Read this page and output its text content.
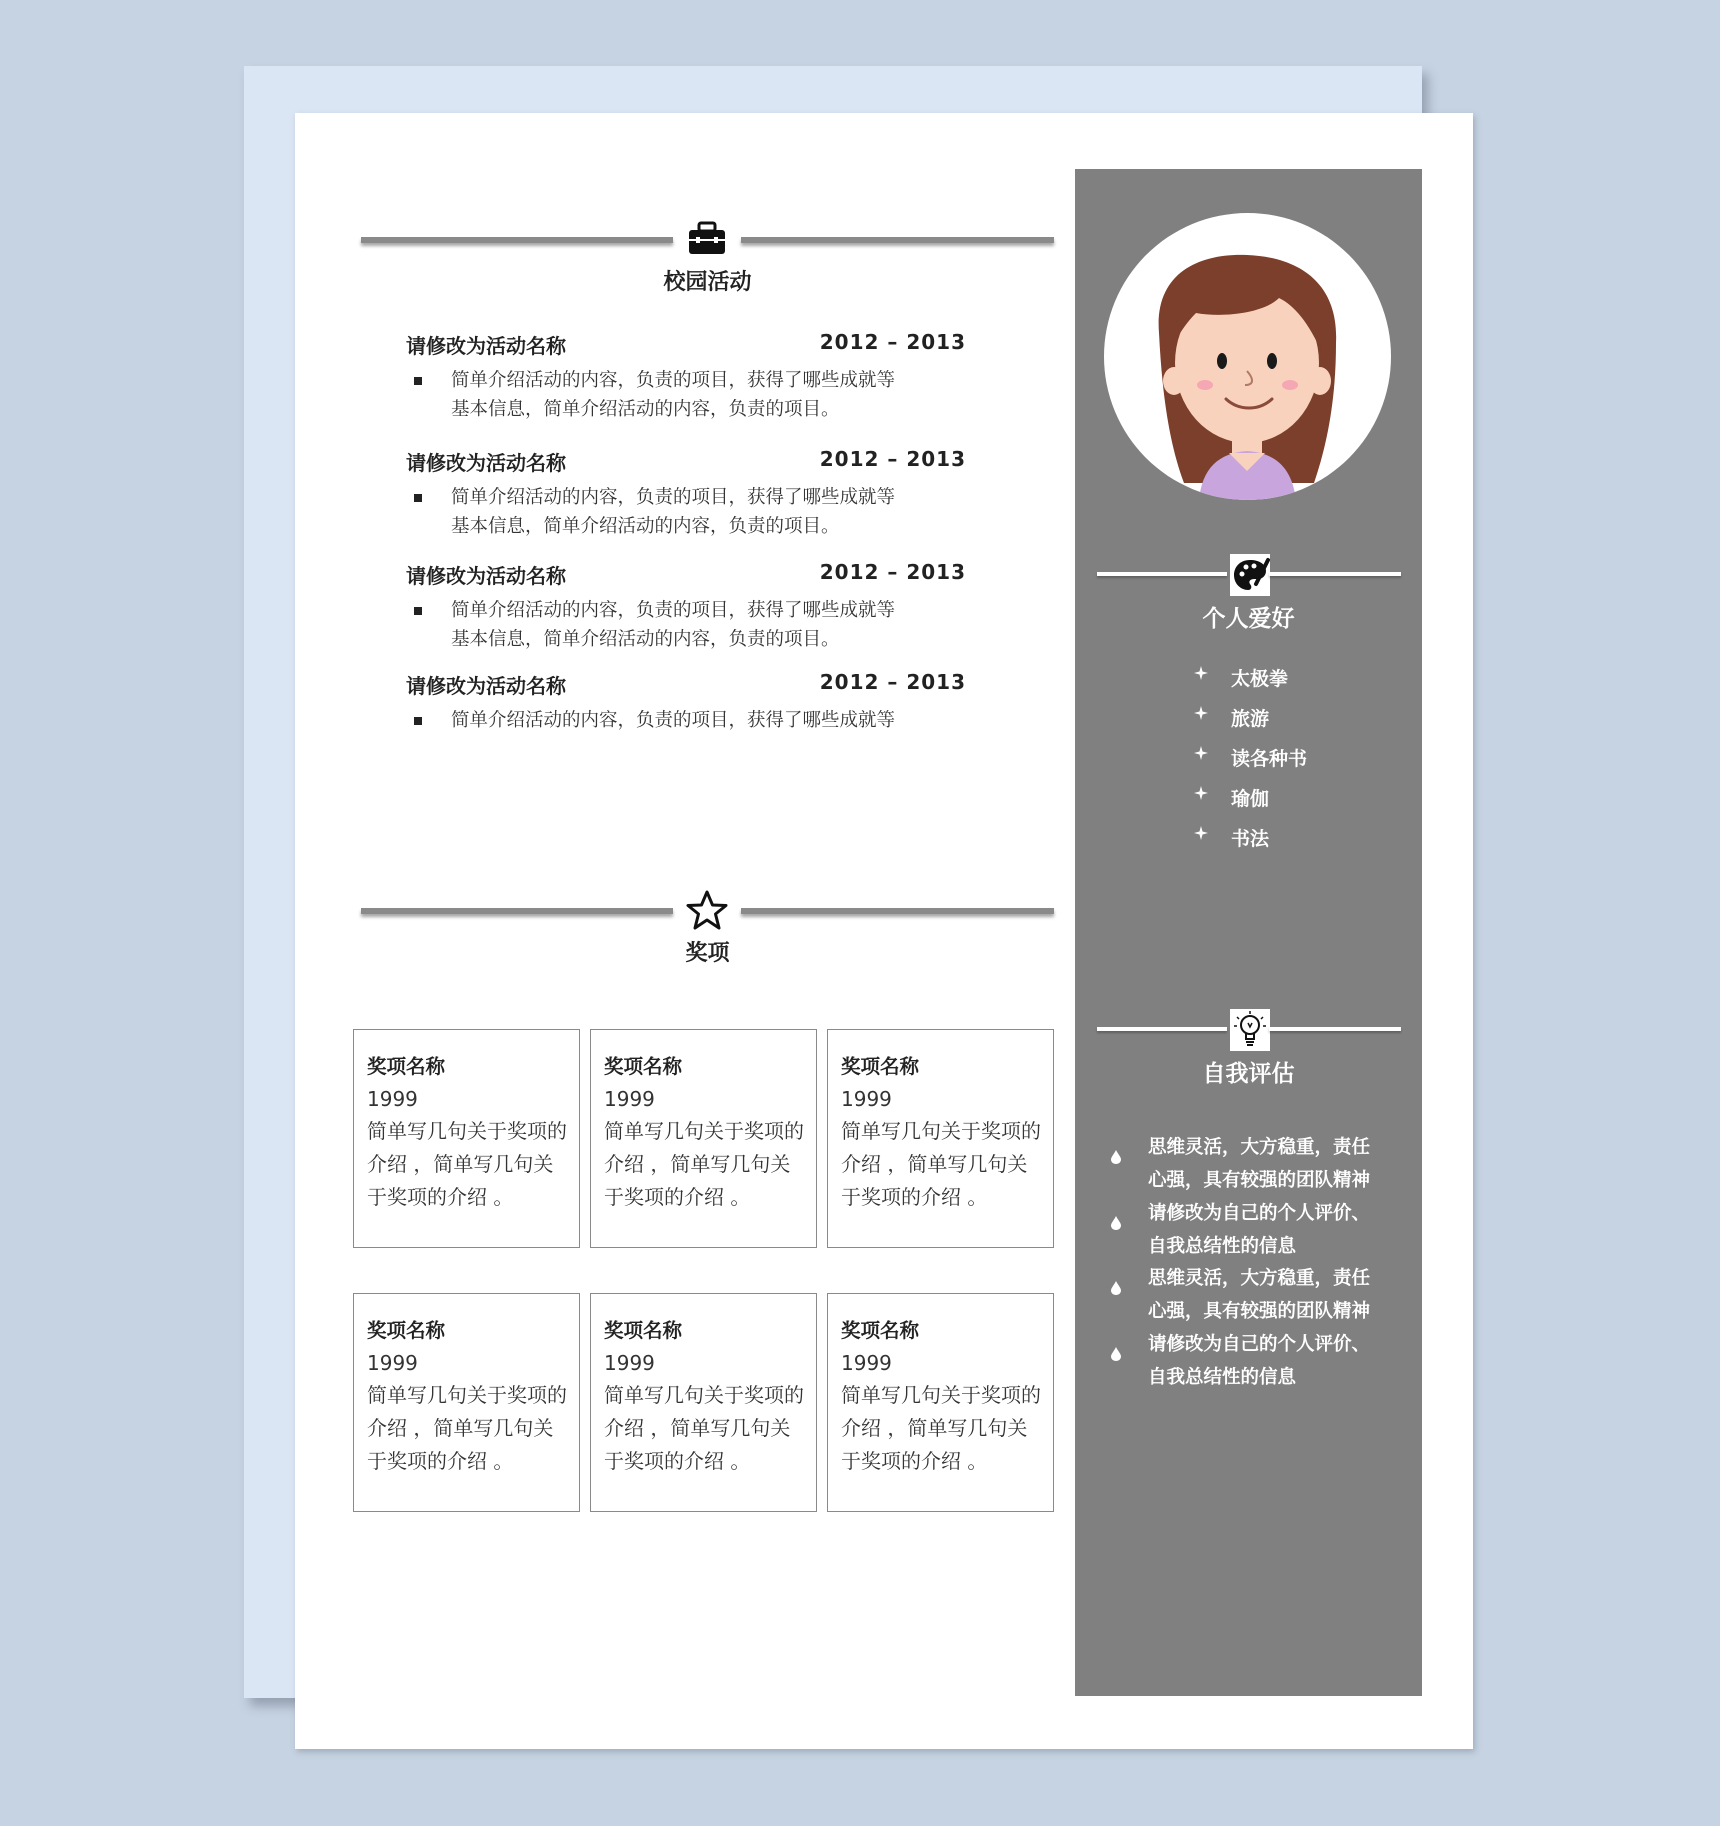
校园活动
请修改为活动名称	2012 – 2013
简单介绍活动的内容，负责的项目，获得了哪些成就等
基本信息，简单介绍活动的内容，负责的项目。
请修改为活动名称	2012 – 2013
简单介绍活动的内容，负责的项目，获得了哪些成就等
基本信息，简单介绍活动的内容，负责的项目。
请修改为活动名称	2012 – 2013
简单介绍活动的内容，负责的项目，获得了哪些成就等
基本信息，简单介绍活动的内容，负责的项目。
请修改为活动名称	2012 – 2013
简单介绍活动的内容，负责的项目，获得了哪些成就等
奖项
奖项名称
1999
简单写几句关于奖项的
介绍 ，简单写几句关
于奖项的介绍 。
奖项名称
1999
简单写几句关于奖项的
介绍 ，简单写几句关
于奖项的介绍 。
奖项名称
1999
简单写几句关于奖项的
介绍 ，简单写几句关
于奖项的介绍 。
奖项名称
1999
简单写几句关于奖项的
介绍 ，简单写几句关
于奖项的介绍 。
奖项名称
1999
简单写几句关于奖项的
介绍 ，简单写几句关
于奖项的介绍 。
奖项名称
1999
简单写几句关于奖项的
介绍 ，简单写几句关
于奖项的介绍 。
个人爱好
太极拳
旅游
读各种书
瑜伽
书法
自我评估
思维灵活，大方稳重，责任
心强，具有较强的团队精神
请修改为自己的个人评价、
自我总结性的信息
思维灵活，大方稳重，责任
心强，具有较强的团队精神
请修改为自己的个人评价、
自我总结性的信息
